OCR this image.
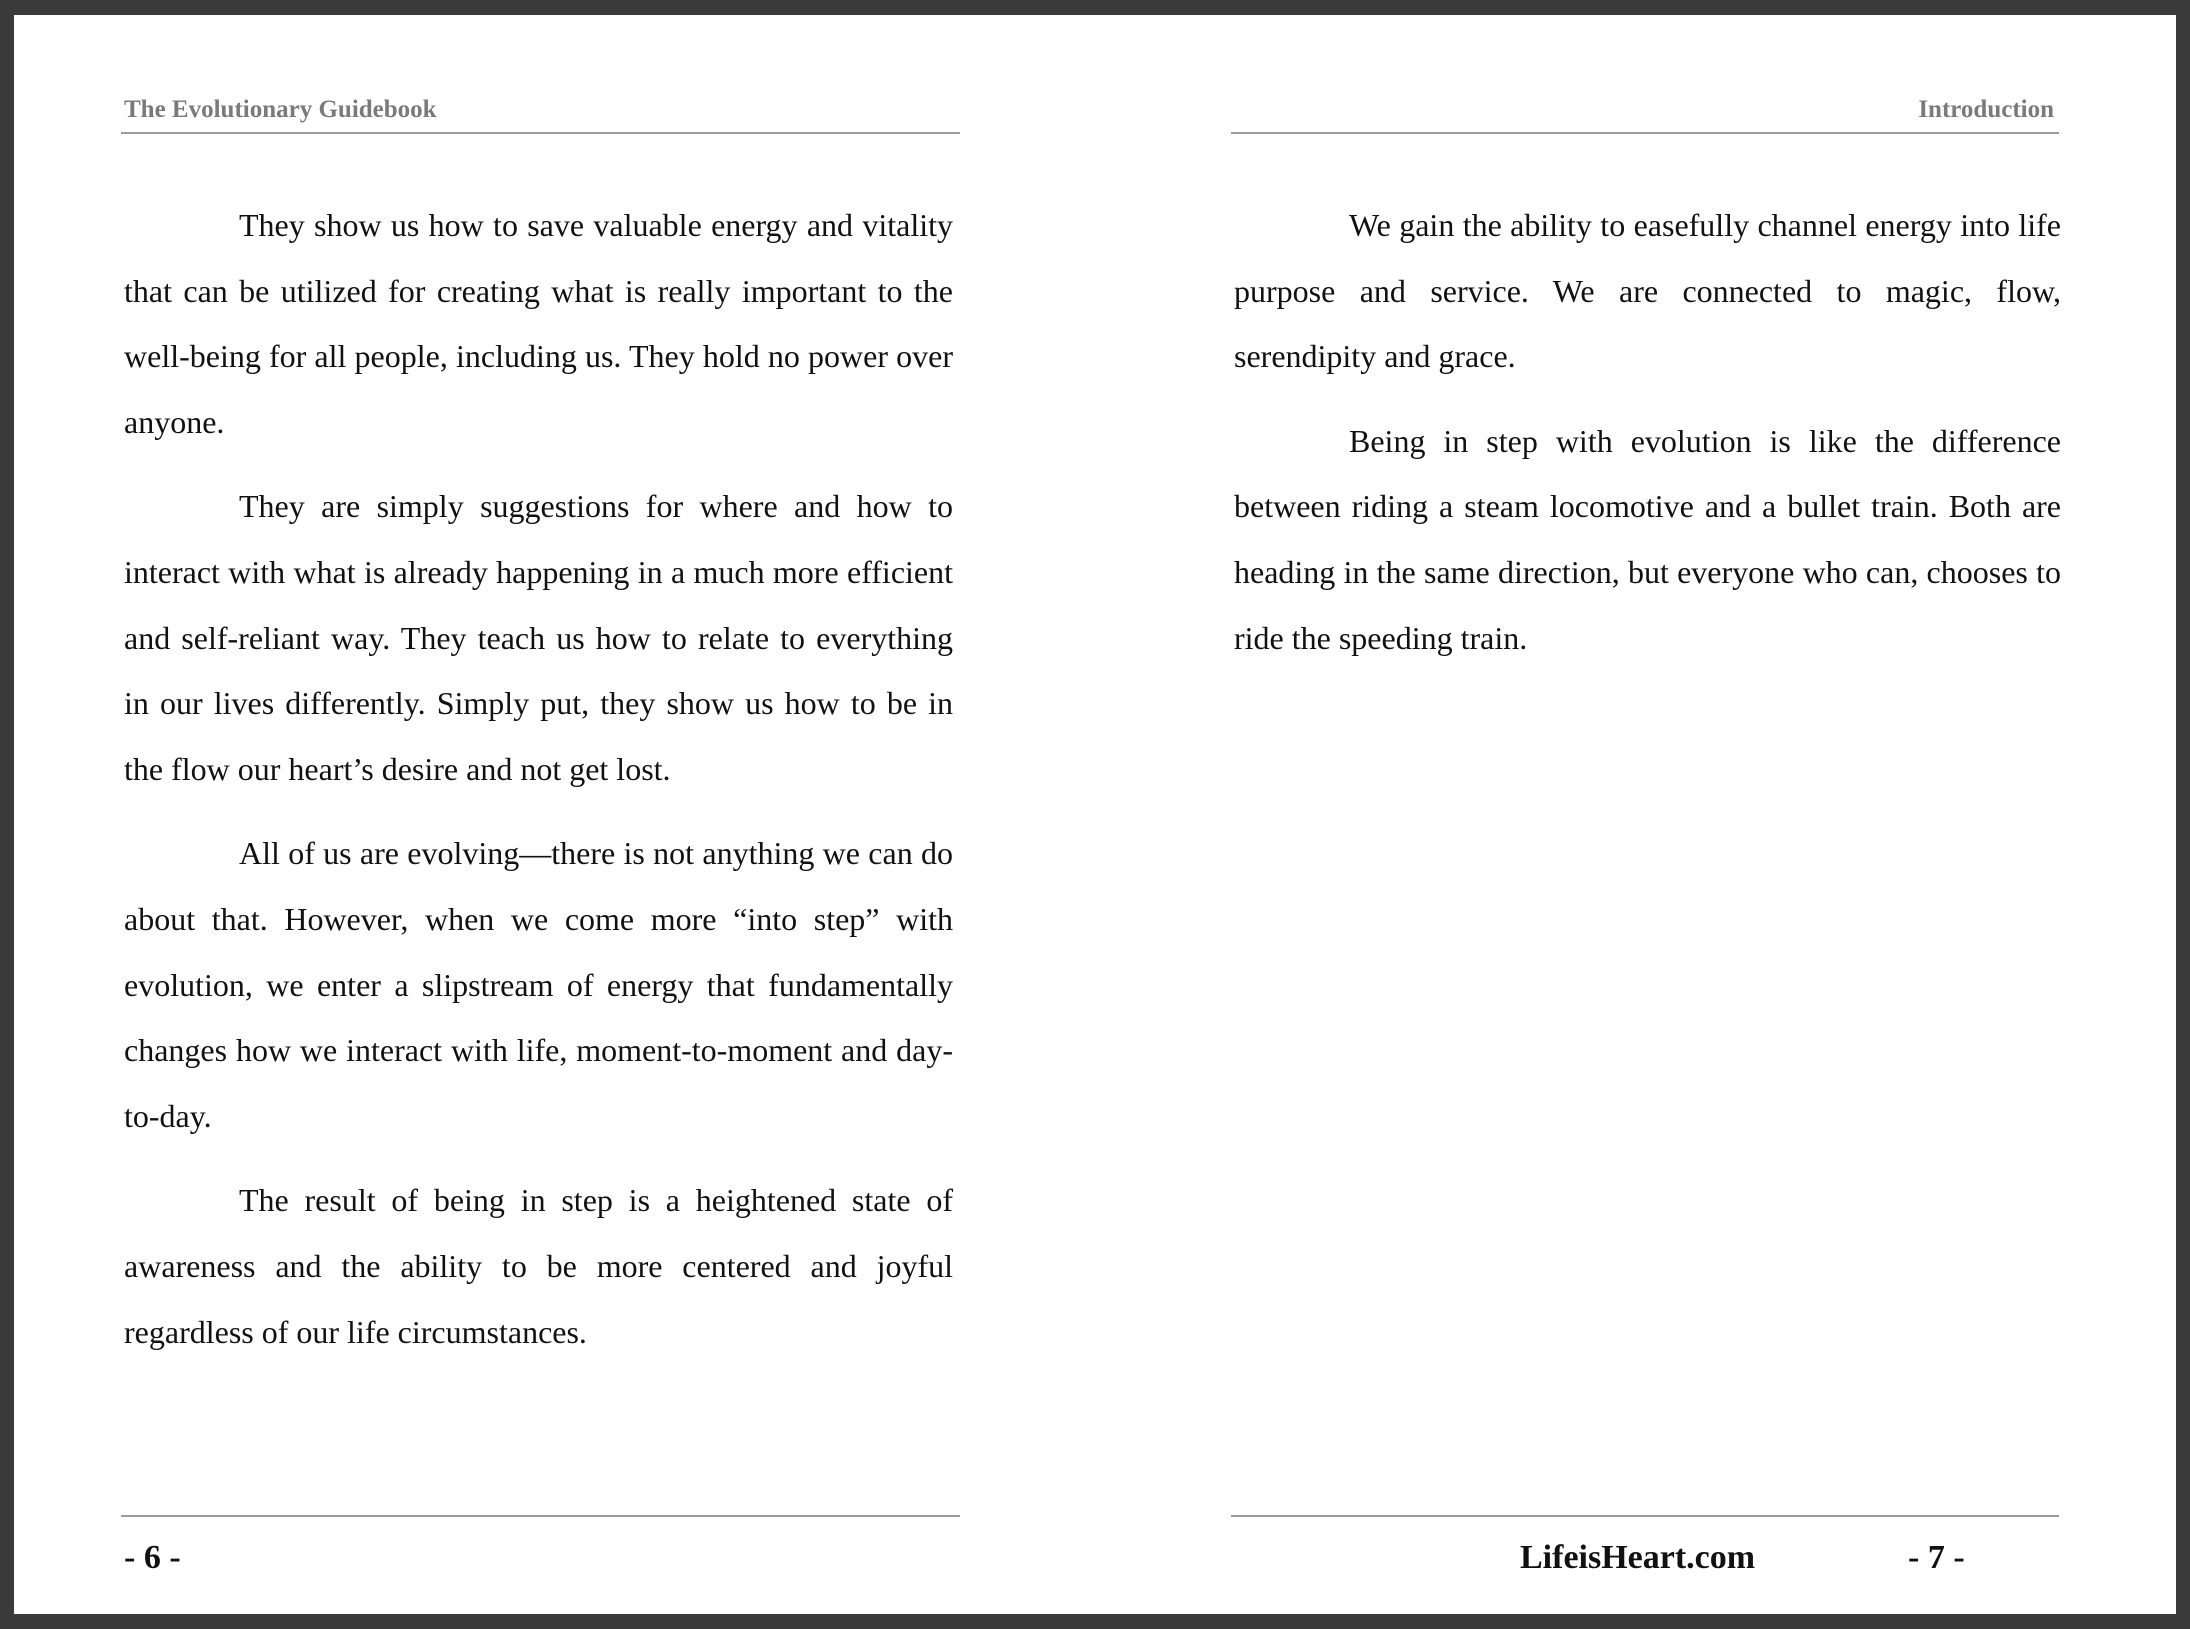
The Evolutionary Guidebook	Introduction

They show us how to save valuable energy and vitality that can be utilized for creating what is really important to the well-being for all people, including us. They hold no power over anyone.

They are simply suggestions for where and how to interact with what is already happening in a much more efficient and self-reliant way. They teach us how to relate to everything in our lives differently. Simply put, they show us how to be in the flow our heart’s desire and not get lost.

All of us are evolving—there is not anything we can do about that. However, when we come more “into step” with evolution, we enter a slipstream of energy that fundamentally changes how we interact with life, moment-to-moment and day-to-day.

The result of being in step is a heightened state of awareness and the ability to be more centered and joyful regardless of our life circumstances.

We gain the ability to easefully channel energy into life purpose and service. We are connected to magic, flow, serendipity and grace.

Being in step with evolution is like the difference between riding a steam locomotive and a bullet train. Both are heading in the same direction, but everyone who can, chooses to ride the speeding train.

- 6 -	LifeisHeart.com	- 7 -
